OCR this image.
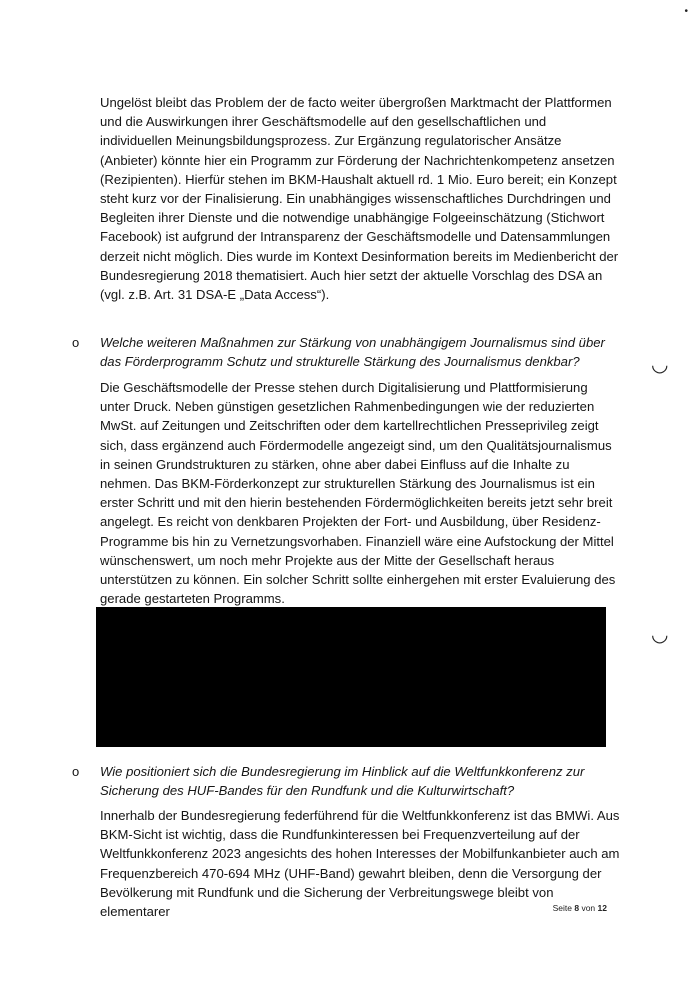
•

Ungelöst bleibt das Problem der de facto weiter übergroßen Marktmacht der Plattformen und die Auswirkungen ihrer Geschäftsmodelle auf den gesellschaftlichen und individuellen Meinungsbildungsprozess. Zur Ergänzung regulatorischer Ansätze (Anbieter) könnte hier ein Programm zur Förderung der Nachrichtenkompetenz ansetzen (Rezipienten). Hierfür stehen im BKM-Haushalt aktuell rd. 1 Mio. Euro bereit; ein Konzept steht kurz vor der Finalisierung. Ein unabhängiges wissenschaftliches Durchdringen und Begleiten ihrer Dienste und die notwendige unabhängige Folgeeinschätzung (Stichwort Facebook) ist aufgrund der Intransparenz der Geschäftsmodelle und Datensammlungen derzeit nicht möglich. Dies wurde im Kontext Desinformation bereits im Medienbericht der Bundesregierung 2018 thematisiert. Auch hier setzt der aktuelle Vorschlag des DSA an (vgl. z.B. Art. 31 DSA-E „Data Access“).

o Welche weiteren Maßnahmen zur Stärkung von unabhängigem Journalismus sind über das Förderprogramm Schutz und strukturelle Stärkung des Journalismus denkbar?	◡

Die Geschäftsmodelle der Presse stehen durch Digitalisierung und Plattformisierung unter Druck. Neben günstigen gesetzlichen Rahmenbedingungen wie der reduzierten MwSt. auf Zeitungen und Zeitschriften oder dem kartellrechtlichen Presseprivileg zeigt sich, dass ergänzend auch Fördermodelle angezeigt sind, um den Qualitätsjournalismus in seinen Grundstrukturen zu stärken, ohne aber dabei Einfluss auf die Inhalte zu nehmen. Das BKM-Förderkonzept zur strukturellen Stärkung des Journalismus ist ein erster Schritt und mit den hierin bestehenden Fördermöglichkeiten bereits jetzt sehr breit angelegt. Es reicht von denkbaren Projekten der Fort- und Ausbildung, über Residenz-Programme bis hin zu Vernetzungsvorhaben. Finanziell wäre eine Aufstockung der Mittel wünschenswert, um noch mehr Projekte aus der Mitte der Gesellschaft heraus unterstützen zu können. Ein solcher Schritt sollte einhergehen mit erster Evaluierung des gerade gestarteten Programms.

◡
o Wie positioniert sich die Bundesregierung im Hinblick auf die Weltfunkkonferenz zur Sicherung des HUF-Bandes für den Rundfunk und die Kulturwirtschaft?

Innerhalb der Bundesregierung federführend für die Weltfunkkonferenz ist das BMWi. Aus BKM-Sicht ist wichtig, dass die Rundfunkinteressen bei Frequenzverteilung auf der Weltfunkkonferenz 2023 angesichts des hohen Interesses der Mobilfunkanbieter auch am Frequenzbereich 470-694 MHz (UHF-Band) gewahrt bleiben, denn die Versorgung der Bevölkerung mit Rundfunk und die Sicherung der Verbreitungswege bleibt von elementarer	Seite 8 von 12
